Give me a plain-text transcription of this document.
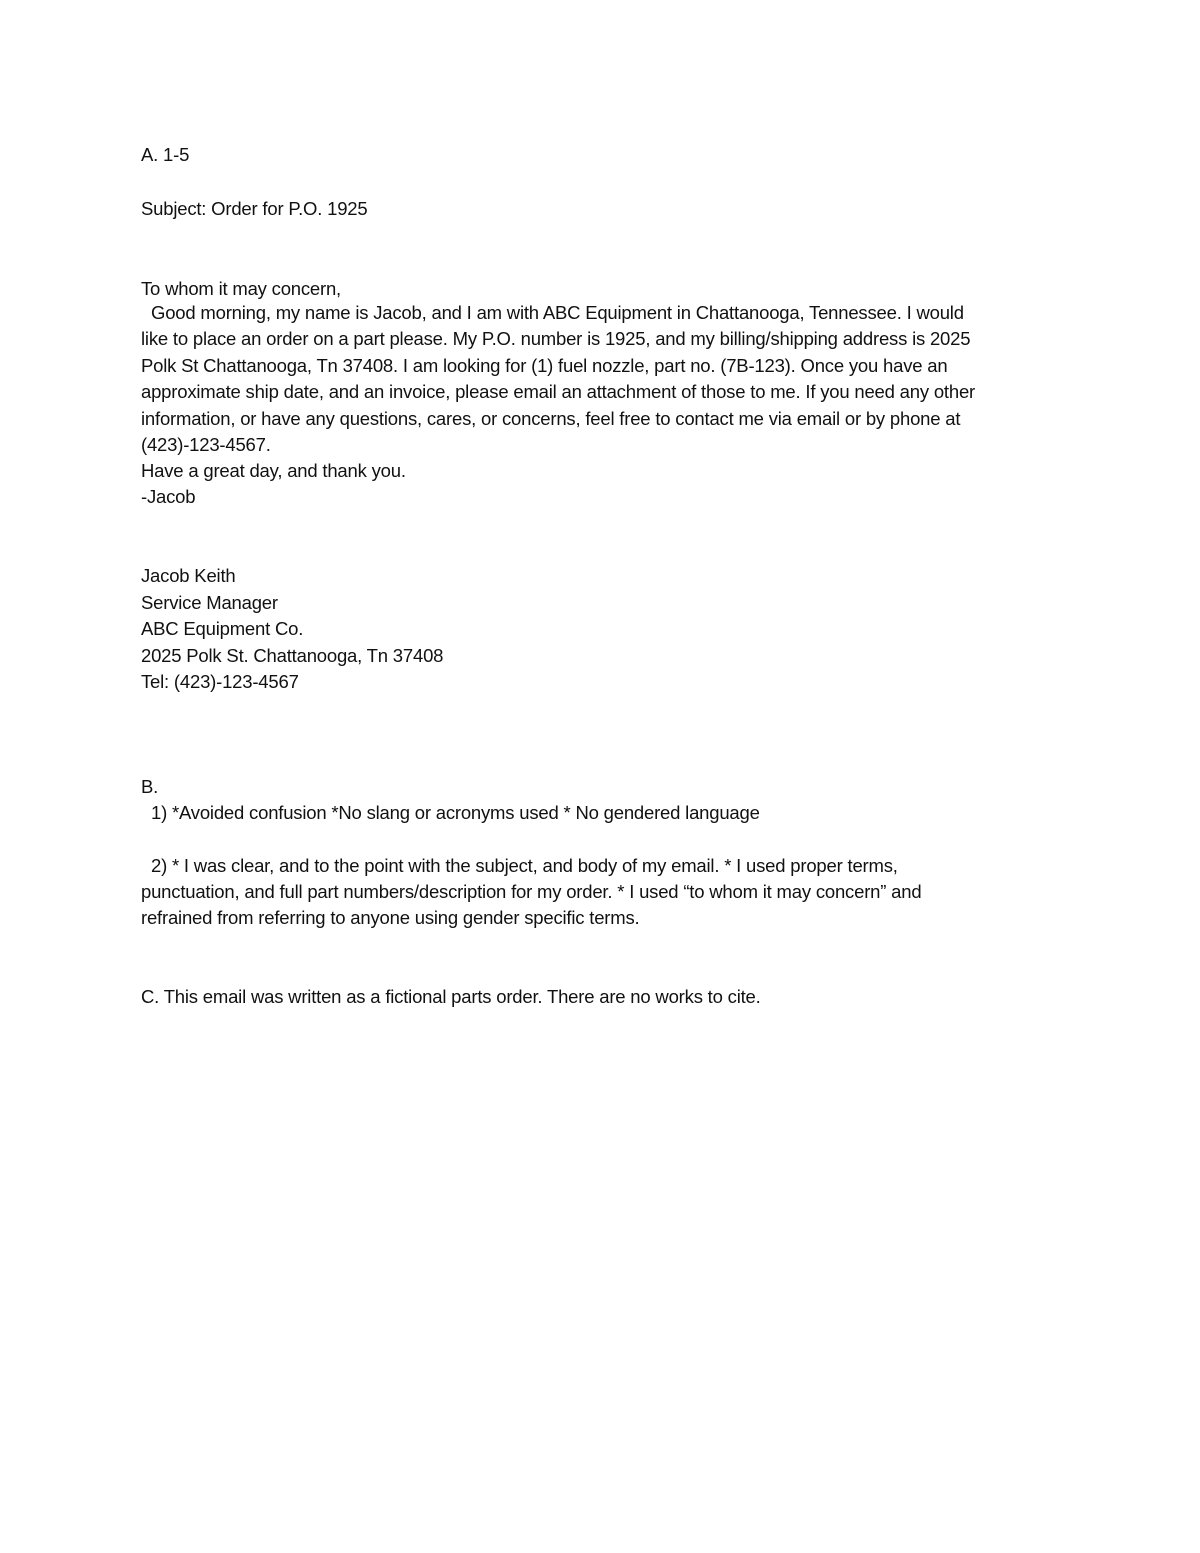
A. 1-5
Subject: Order for P.O. 1925
To whom it may concern,
Good morning, my name is Jacob, and I am with ABC Equipment in Chattanooga, Tennessee. I would
like to place an order on a part please. My P.O. number is 1925, and my billing/shipping address is 2025
Polk St Chattanooga, Tn 37408. I am looking for (1) fuel nozzle, part no. (7B-123). Once you have an
approximate ship date, and an invoice, please email an attachment of those to me. If you need any other
information, or have any questions, cares, or concerns, feel free to contact me via email or by phone at
(423)-123-4567.
Have a great day, and thank you.
-Jacob
Jacob Keith
Service Manager
ABC Equipment Co.
2025 Polk St. Chattanooga, Tn 37408
Tel: (423)-123-4567
B.
1) *Avoided confusion *No slang or acronyms used * No gendered language
2) * I was clear, and to the point with the subject, and body of my email. * I used proper terms,
punctuation, and full part numbers/description for my order. * I used “to whom it may concern” and
refrained from referring to anyone using gender specific terms.
C. This email was written as a fictional parts order. There are no works to cite.
